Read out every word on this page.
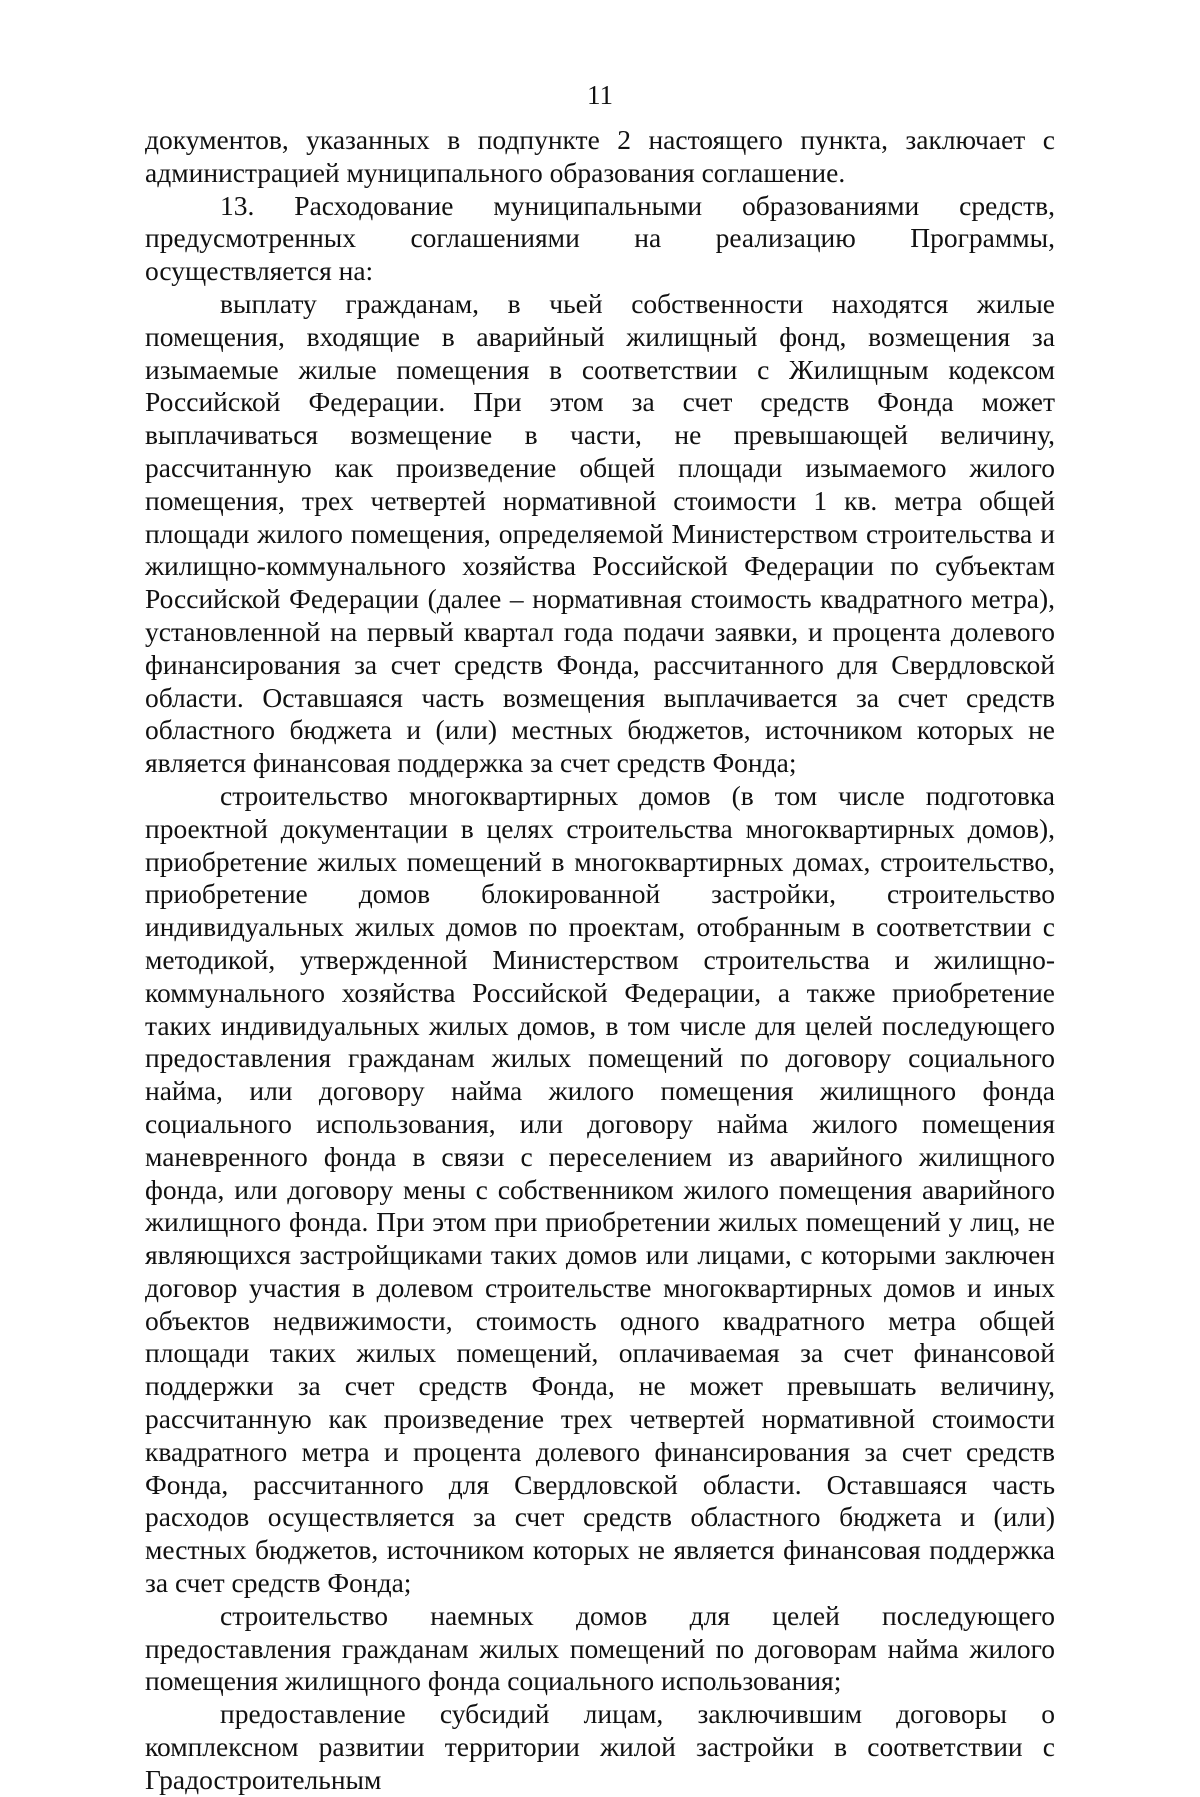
11

документов, указанных в подпункте 2 настоящего пункта, заключает с администрацией муниципального образования соглашение.

13. Расходование муниципальными образованиями средств, предусмотренных соглашениями на реализацию Программы, осуществляется на:

выплату гражданам, в чьей собственности находятся жилые помещения, входящие в аварийный жилищный фонд, возмещения за изымаемые жилые помещения в соответствии с Жилищным кодексом Российской Федерации. При этом за счет средств Фонда может выплачиваться возмещение в части, не превышающей величину, рассчитанную как произведение общей площади изымаемого жилого помещения, трех четвертей нормативной стоимости 1 кв. метра общей площади жилого помещения, определяемой Министерством строительства и жилищно-коммунального хозяйства Российской Федерации по субъектам Российской Федерации (далее – нормативная стоимость квадратного метра), установленной на первый квартал года подачи заявки, и процента долевого финансирования за счет средств Фонда, рассчитанного для Свердловской области. Оставшаяся часть возмещения выплачивается за счет средств областного бюджета и (или) местных бюджетов, источником которых не является финансовая поддержка за счет средств Фонда;

строительство многоквартирных домов (в том числе подготовка проектной документации в целях строительства многоквартирных домов), приобретение жилых помещений в многоквартирных домах, строительство, приобретение домов блокированной застройки, строительство индивидуальных жилых домов по проектам, отобранным в соответствии с методикой, утвержденной Министерством строительства и жилищно-коммунального хозяйства Российской Федерации, а также приобретение таких индивидуальных жилых домов, в том числе для целей последующего предоставления гражданам жилых помещений по договору социального найма, или договору найма жилого помещения жилищного фонда социального использования, или договору найма жилого помещения маневренного фонда в связи с переселением из аварийного жилищного фонда, или договору мены с собственником жилого помещения аварийного жилищного фонда. При этом при приобретении жилых помещений у лиц, не являющихся застройщиками таких домов или лицами, с которыми заключен договор участия в долевом строительстве многоквартирных домов и иных объектов недвижимости, стоимость одного квадратного метра общей площади таких жилых помещений, оплачиваемая за счет финансовой поддержки за счет средств Фонда, не может превышать величину, рассчитанную как произведение трех четвертей нормативной стоимости квадратного метра и процента долевого финансирования за счет средств Фонда, рассчитанного для Свердловской области. Оставшаяся часть расходов осуществляется за счет средств областного бюджета и (или) местных бюджетов, источником которых не является финансовая поддержка за счет средств Фонда;

строительство наемных домов для целей последующего предоставления гражданам жилых помещений по договорам найма жилого помещения жилищного фонда социального использования;

предоставление субсидий лицам, заключившим договоры о комплексном развитии территории жилой застройки в соответствии с Градостроительным
